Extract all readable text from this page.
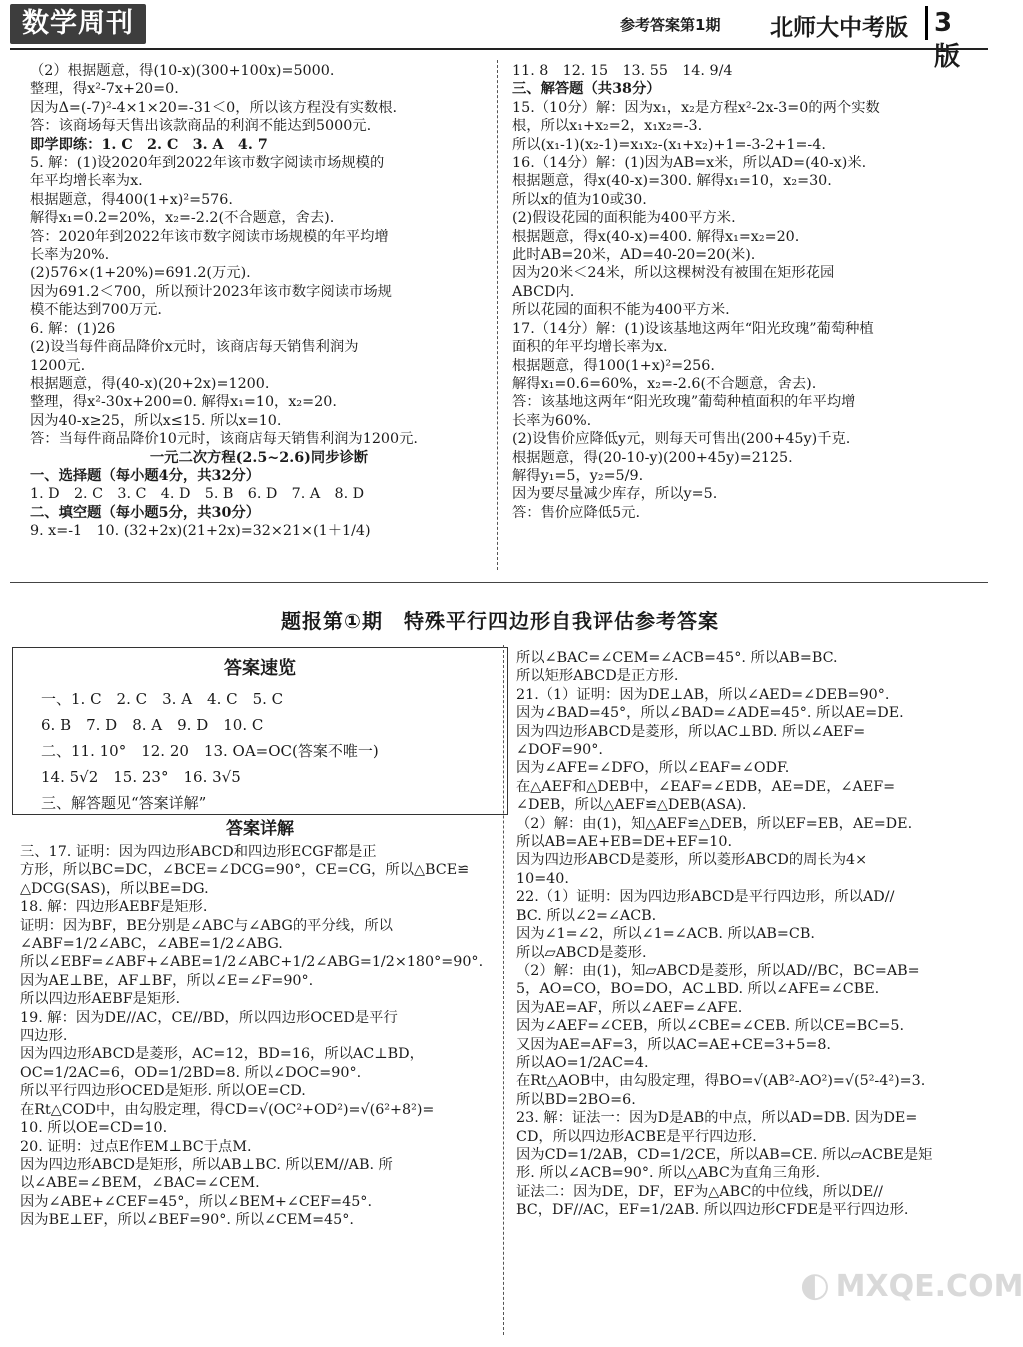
数学周刊	参考答案第1期 北师大中考版	3版

（2）根据题意，得(10-x)(300+100x)=5000.

整理，得x²-7x+20=0.

因为Δ=(-7)²-4×1×20=-31＜0，所以该方程没有实数根.

答：该商场每天售出该款商品的利润不能达到5000元.

即学即练：1. C　2. C　3. A　4. 7

5. 解：(1)设2020年到2022年该市数字阅读市场规模的

年平均增长率为x.

根据题意，得400(1+x)²=576.

解得x₁=0.2=20%，x₂=-2.2(不合题意，舍去).

答：2020年到2022年该市数字阅读市场规模的年平均增

长率为20%.

(2)576×(1+20%)=691.2(万元).

因为691.2＜700，所以预计2023年该市数字阅读市场规

模不能达到700万元.

6. 解：(1)26

(2)设当每件商品降价x元时，该商店每天销售利润为

1200元.

根据题意，得(40-x)(20+2x)=1200.

整理，得x²-30x+200=0. 解得x₁=10，x₂=20.

因为40-x≥25，所以x≤15. 所以x=10.

答：当每件商品降价10元时，该商店每天销售利润为1200元.

一元二次方程(2.5~2.6)同步诊断

一、选择题（每小题4分，共32分）

1. D　2. C　3. C　4. D　5. B　6. D　7. A　8. D

二、填空题（每小题5分，共30分）

9. x=-1　10. (32+2x)(21+2x)=32×21×(1＋1/4)

11. 8　12. 15　13. 55　14. 9/4

三、解答题（共38分）

15.（10分）解：因为x₁，x₂是方程x²-2x-3=0的两个实数

根，所以x₁+x₂=2，x₁x₂=-3.

所以(x₁-1)(x₂-1)=x₁x₂-(x₁+x₂)+1=-3-2+1=-4.

16.（14分）解：(1)因为AB=x米，所以AD=(40-x)米.

根据题意，得x(40-x)=300. 解得x₁=10，x₂=30.

所以x的值为10或30.

(2)假设花园的面积能为400平方米.

根据题意，得x(40-x)=400. 解得x₁=x₂=20.

此时AB=20米，AD=40-20=20(米).

因为20米＜24米，所以这棵树没有被围在矩形花园

ABCD内.

所以花园的面积不能为400平方米.

17.（14分）解：(1)设该基地这两年“阳光玫瑰”葡萄种植

面积的年平均增长率为x.

根据题意，得100(1+x)²=256.

解得x₁=0.6=60%，x₂=-2.6(不合题意，舍去).

答：该基地这两年“阳光玫瑰”葡萄种植面积的年平均增

长率为60%.

(2)设售价应降低y元，则每天可售出(200+45y)千克.

根据题意，得(20-10-y)(200+45y)=2125.

解得y₁=5，y₂=5/9.

因为要尽量减少库存，所以y=5.

答：售价应降低5元.

题报第①期　特殊平行四边形自我评估参考答案
答案速览

一、1. C　2. C　3. A　4. C　5. C

6. B　7. D　8. A　9. D　10. C

二、11. 10°　12. 20　13. OA=OC(答案不唯一)

14. 5√2　15. 23°　16. 3√5

三、解答题见“答案详解”

答案详解

三、17. 证明：因为四边形ABCD和四边形ECGF都是正

方形，所以BC=DC，∠BCE=∠DCG=90°，CE=CG，所以△BCE≌

△DCG(SAS)，所以BE=DG.

18. 解：四边形AEBF是矩形.

证明：因为BF，BE分别是∠ABC与∠ABG的平分线，所以

∠ABF=1/2∠ABC，∠ABE=1/2∠ABG.

所以∠EBF=∠ABF+∠ABE=1/2∠ABC+1/2∠ABG=1/2×180°=90°.

因为AE⊥BE，AF⊥BF，所以∠E=∠F=90°.

所以四边形AEBF是矩形.

19. 解：因为DE//AC，CE//BD，所以四边形OCED是平行

四边形.

因为四边形ABCD是菱形，AC=12，BD=16，所以AC⊥BD，

OC=1/2AC=6，OD=1/2BD=8. 所以∠DOC=90°.

所以平行四边形OCED是矩形. 所以OE=CD.

在Rt△COD中，由勾股定理，得CD=√(OC²+OD²)=√(6²+8²)=

10. 所以OE=CD=10.

20. 证明：过点E作EM⊥BC于点M.

因为四边形ABCD是矩形，所以AB⊥BC. 所以EM//AB. 所

以∠ABE=∠BEM，∠BAC=∠CEM.

因为∠ABE+∠CEF=45°，所以∠BEM+∠CEF=45°.

因为BE⊥EF，所以∠BEF=90°. 所以∠CEM=45°.

所以∠BAC=∠CEM=∠ACB=45°. 所以AB=BC.

所以矩形ABCD是正方形.

21.（1）证明：因为DE⊥AB，所以∠AED=∠DEB=90°.

因为∠BAD=45°，所以∠BAD=∠ADE=45°. 所以AE=DE.

因为四边形ABCD是菱形，所以AC⊥BD. 所以∠AEF=

∠DOF=90°.

因为∠AFE=∠DFO，所以∠EAF=∠ODF.

在△AEF和△DEB中，∠EAF=∠EDB，AE=DE，∠AEF=

∠DEB，所以△AEF≌△DEB(ASA).

（2）解：由(1)，知△AEF≌△DEB，所以EF=EB，AE=DE.

所以AB=AE+EB=DE+EF=10.

因为四边形ABCD是菱形，所以菱形ABCD的周长为4×

10=40.

22.（1）证明：因为四边形ABCD是平行四边形，所以AD//

BC. 所以∠2=∠ACB.

因为∠1=∠2，所以∠1=∠ACB. 所以AB=CB.

所以▱ABCD是菱形.

（2）解：由(1)，知▱ABCD是菱形，所以AD//BC，BC=AB=

5，AO=CO，BO=DO，AC⊥BD. 所以∠AFE=∠CBE.

因为AE=AF，所以∠AEF=∠AFE.

因为∠AEF=∠CEB，所以∠CBE=∠CEB. 所以CE=BC=5.

又因为AE=AF=3，所以AC=AE+CE=3+5=8.

所以AO=1/2AC=4.

在Rt△AOB中，由勾股定理，得BO=√(AB²-AO²)=√(5²-4²)=3.

所以BD=2BO=6.

23. 解：证法一：因为D是AB的中点，所以AD=DB. 因为DE=

CD，所以四边形ACBE是平行四边形.

因为CD=1/2AB，CD=1/2CE，所以AB=CE. 所以▱ACBE是矩

形. 所以∠ACB=90°. 所以△ABC为直角三角形.

证法二：因为DE，DF，EF为△ABC的中位线，所以DE//

BC，DF//AC，EF=1/2AB. 所以四边形CFDE是平行四边形.

◐ MXQE.COM
